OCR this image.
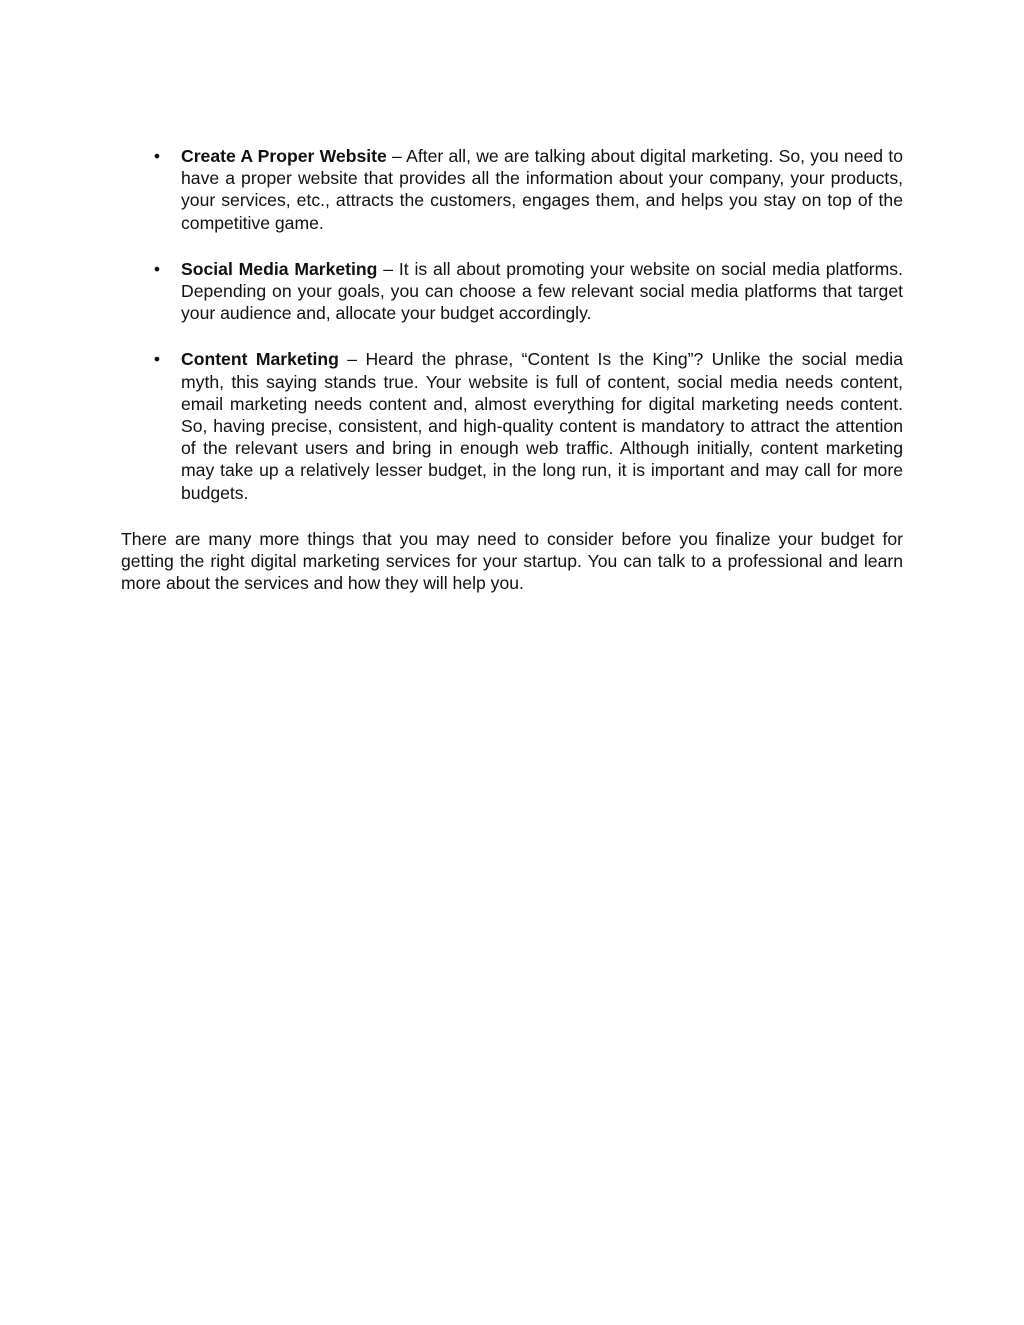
• Create A Proper Website – After all, we are talking about digital marketing. So, you need to have a proper website that provides all the information about your company, your products, your services, etc., attracts the customers, engages them, and helps you stay on top of the competitive game.
• Social Media Marketing – It is all about promoting your website on social media platforms. Depending on your goals, you can choose a few relevant social media platforms that target your audience and, allocate your budget accordingly.
• Content Marketing – Heard the phrase, “Content Is the King”? Unlike the social media myth, this saying stands true. Your website is full of content, social media needs content, email marketing needs content and, almost everything for digital marketing needs content. So, having precise, consistent, and high-quality content is mandatory to attract the attention of the relevant users and bring in enough web traffic. Although initially, content marketing may take up a relatively lesser budget, in the long run, it is important and may call for more budgets.

There are many more things that you may need to consider before you finalize your budget for getting the right digital marketing services for your startup. You can talk to a professional and learn more about the services and how they will help you.
